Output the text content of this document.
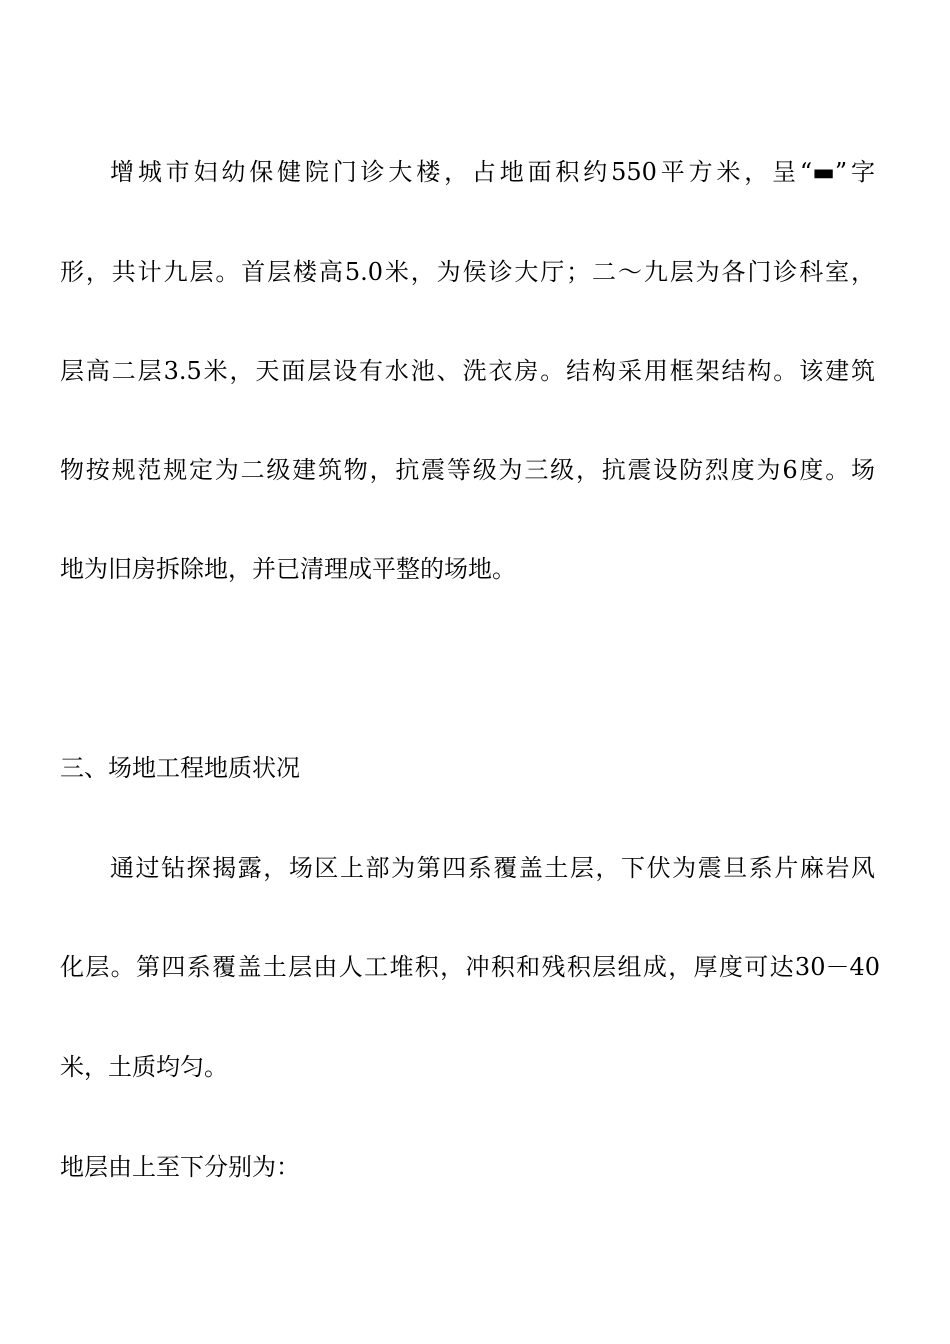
增城市妇幼保健院门诊大楼，占地面积约550平方米，呈“▬”字
形，共计九层。首层楼高5.0米，为侯诊大厅；二～九层为各门诊科室，
层高二层3.5米，天面层设有水池、洗衣房。结构采用框架结构。该建筑
物按规范规定为二级建筑物，抗震等级为三级，抗震设防烈度为6度。场
地为旧房拆除地，并已清理成平整的场地。
三、场地工程地质状况
通过钻探揭露，场区上部为第四系覆盖土层，下伏为震旦系片麻岩风
化层。第四系覆盖土层由人工堆积，冲积和残积层组成，厚度可达30－40
米，土质均匀。
地层由上至下分别为：
